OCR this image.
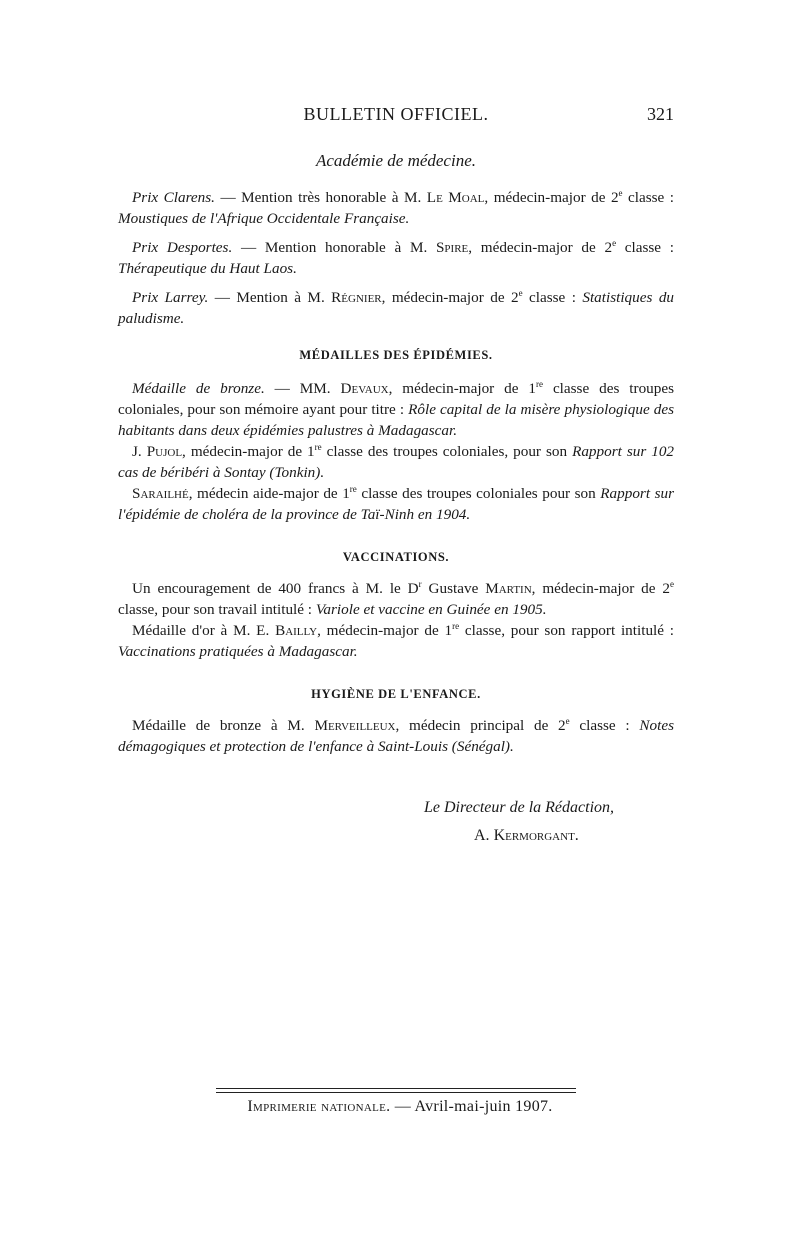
BULLETIN OFFICIEL.	321

Académie de médecine.

Prix Clarens. — Mention très honorable à M. Le Moal, médecin-major de 2e classe : Moustiques de l'Afrique Occidentale Française.

Prix Desportes. — Mention honorable à M. Spire, médecin-major de 2e classe : Thérapeutique du Haut Laos.

Prix Larrey. — Mention à M. Régnier, médecin-major de 2e classe : Statistiques du paludisme.

MÉDAILLES DES ÉPIDÉMIES.

Médaille de bronze. — MM. Devaux, médecin-major de 1re classe des troupes coloniales, pour son mémoire ayant pour titre : Rôle capital de la misère physiologique des habitants dans deux épidémies palustres à Madagascar.

J. Pujol, médecin-major de 1re classe des troupes coloniales, pour son Rapport sur 102 cas de béribéri à Sontay (Tonkin).

Sarailhé, médecin aide-major de 1re classe des troupes coloniales pour son Rapport sur l'épidémie de choléra de la province de Taï-Ninh en 1904.

VACCINATIONS.

Un encouragement de 400 francs à M. le $D^r$ Gustave Martin, médecin-major de 2e classe, pour son travail intitulé : Variole et vaccine en Guinée en 1905.

Médaille d'or à M. E. Bailly, médecin-major de 1re classe, pour son rapport intitulé : Vaccinations pratiquées à Madagascar.

HYGIÈNE DE L'ENFANCE.

Médaille de bronze à M. Merveilleux, médecin principal de 2e classe : Notes démagogiques et protection de l'enfance à Saint-Louis (Sénégal).

Le Directeur de la Rédaction,
A. Kermorgant.
Imprimerie nationale. — Avril-mai-juin 1907.
